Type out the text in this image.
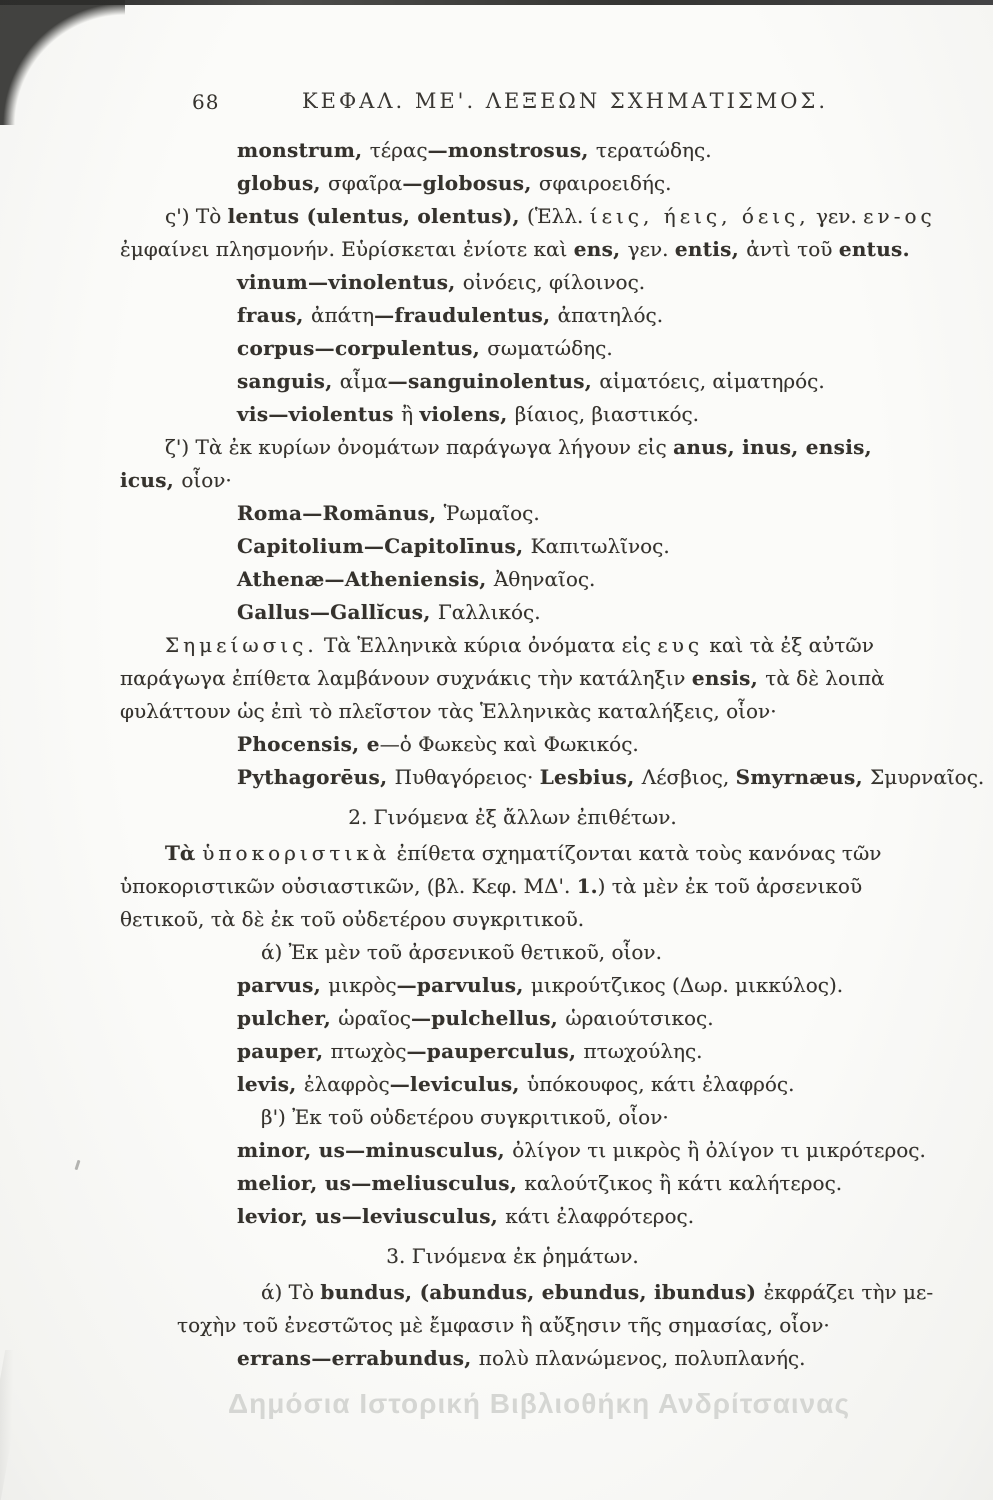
68	ΚΕΦΑΛ. ΜΕ'. ΛΕΞΕΩΝ ΣΧΗΜΑΤΙΣΜΟΣ.
monstrum, τέρας—monstrosus, τερατώδης.
globus, σφαῖρα—globosus, σφαιροειδής.
ς') Τὸ lentus (ulentus, olentus), (Ἑλλ. ίεις, ήεις, όεις, γεν. εν-ος
ἐμφαίνει πλησμονήν. Εὑρίσκεται ἐνίοτε καὶ ens, γεν. entis, ἀντὶ τοῦ entus.
vinum—vinolentus, οἰνόεις, φίλοινος.
fraus, ἀπάτη—fraudulentus, ἀπατηλός.
corpus—corpulentus, σωματώδης.
sanguis, αἷμα—sanguinolentus, αἱματόεις, αἱματηρός.
vis—violentus ἢ violens, βίαιος, βιαστικός.
ζ') Τὰ ἐκ κυρίων ὀνομάτων παράγωγα λήγουν εἰς anus, inus, ensis,
icus, οἷον·
Roma—Romānus, Ῥωμαῖος.
Capitolium—Capitolīnus, Καπιτωλῖνος.
Athenæ—Atheniensis, Ἀθηναῖος.
Gallus—Gallĭcus, Γαλλικός.
Σημείωσις. Τὰ Ἑλληνικὰ κύρια ὀνόματα εἰς ευς καὶ τὰ ἐξ αὐτῶν
παράγωγα ἐπίθετα λαμβάνουν συχνάκις τὴν κατάληξιν ensis, τὰ δὲ λοιπὰ
φυλάττουν ὡς ἐπὶ τὸ πλεῖστον τὰς Ἑλληνικὰς καταλήξεις, οἷον·
Phocensis, e—ὁ Φωκεὺς καὶ Φωκικός.
Pythagorēus, Πυθαγόρειος· Lesbius, Λέσβιος, Smyrnæus, Σμυρναῖος.
2. Γινόμενα ἐξ ἄλλων ἐπιθέτων.
Τὰ ὑποκοριστικὰ ἐπίθετα σχηματίζονται κατὰ τοὺς κανόνας τῶν
ὑποκοριστικῶν οὐσιαστικῶν, (βλ. Κεφ. ΜΔ'. 1.) τὰ μὲν ἐκ τοῦ ἀρσενικοῦ
θετικοῦ, τὰ δὲ ἐκ τοῦ οὐδετέρου συγκριτικοῦ.
ά) Ἐκ μὲν τοῦ ἀρσενικοῦ θετικοῦ, οἷον.
parvus, μικρὸς—parvulus, μικρούτζικος (Δωρ. μικκύλος).
pulcher, ὡραῖος—pulchellus, ὡραιούτσικος.
pauper, πτωχὸς—pauperculus, πτωχούλης.
levis, ἐλαφρὸς—leviculus, ὑπόκουφος, κάτι ἐλαφρός.
β') Ἐκ τοῦ οὐδετέρου συγκριτικοῦ, οἷον·
minor, us—minusculus, ὀλίγον τι μικρὸς ἢ ὀλίγον τι μικρότερος.
melior, us—meliusculus, καλούτζικος ἢ κάτι καλήτερος.
levior, us—leviusculus, κάτι ἐλαφρότερος.
3. Γινόμενα ἐκ ῥημάτων.
ά) Τὸ bundus, (abundus, ebundus, ibundus) ἐκφράζει τὴν με-
τοχὴν τοῦ ἐνεστῶτος μὲ ἔμφασιν ἢ αὔξησιν τῆς σημασίας, οἷον·
errans—errabundus, πολὺ πλανώμενος, πολυπλανής.
Δημόσια Ιστορική Βιβλιοθήκη Ανδρίτσαινας
